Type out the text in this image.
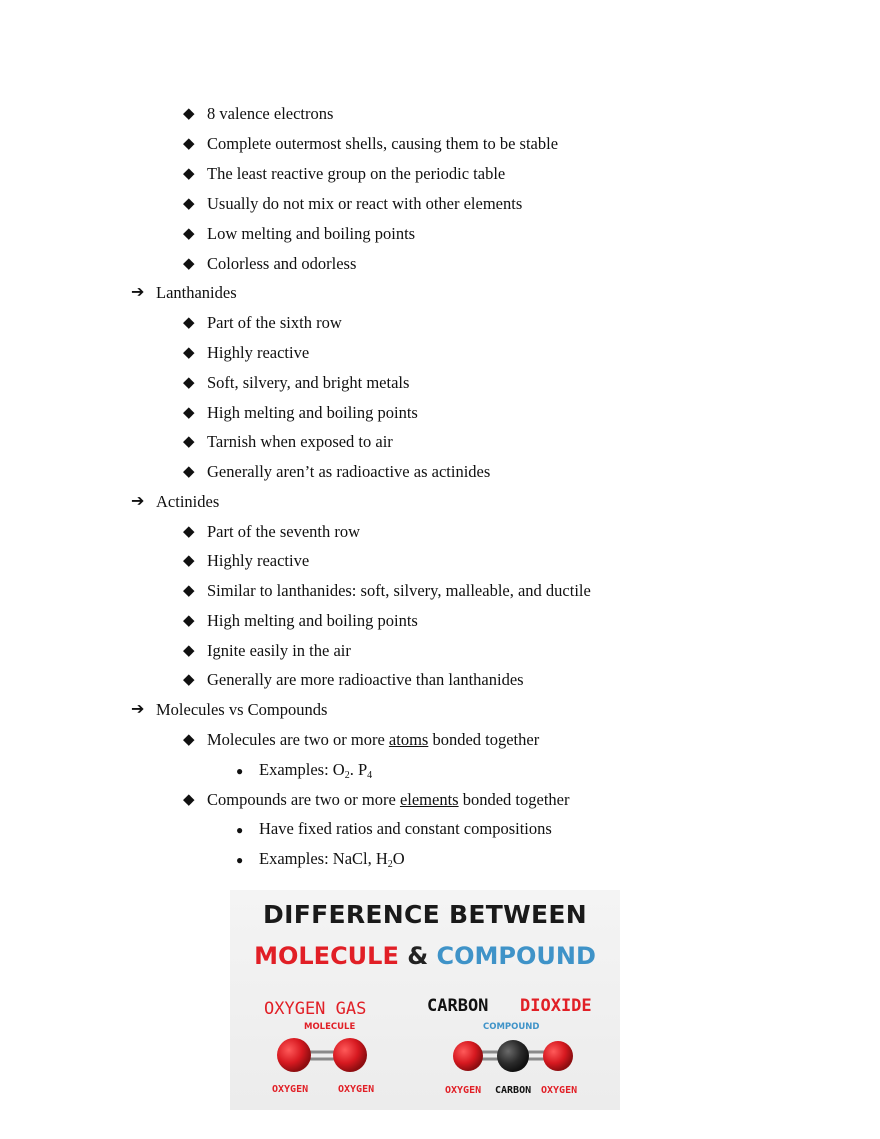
◆ 8 valence electrons
◆ Complete outermost shells, causing them to be stable
◆ The least reactive group on the periodic table
◆ Usually do not mix or react with other elements
◆ Low melting and boiling points
◆ Colorless and odorless
➔ Lanthanides
◆ Part of the sixth row
◆ Highly reactive
◆ Soft, silvery, and bright metals
◆ High melting and boiling points
◆ Tarnish when exposed to air
◆ Generally aren’t as radioactive as actinides
➔ Actinides
◆ Part of the seventh row
◆ Highly reactive
◆ Similar to lanthanides: soft, silvery, malleable, and ductile
◆ High melting and boiling points
◆ Ignite easily in the air
◆ Generally are more radioactive than lanthanides
➔ Molecules vs Compounds
◆ Molecules are two or more atoms bonded together
● Examples: $O_2$. $P_4$
◆ Compounds are two or more elements bonded together
● Have fixed ratios and constant compositions
● Examples: NaCl, $H_2O$
DIFFERENCE BETWEEN
MOLECULE & COMPOUND
OXYGEN GAS
MOLECULE
CARBON DIOXIDE
COMPOUND
OXYGEN	OXYGEN	OXYGEN CARBON OXYGEN
